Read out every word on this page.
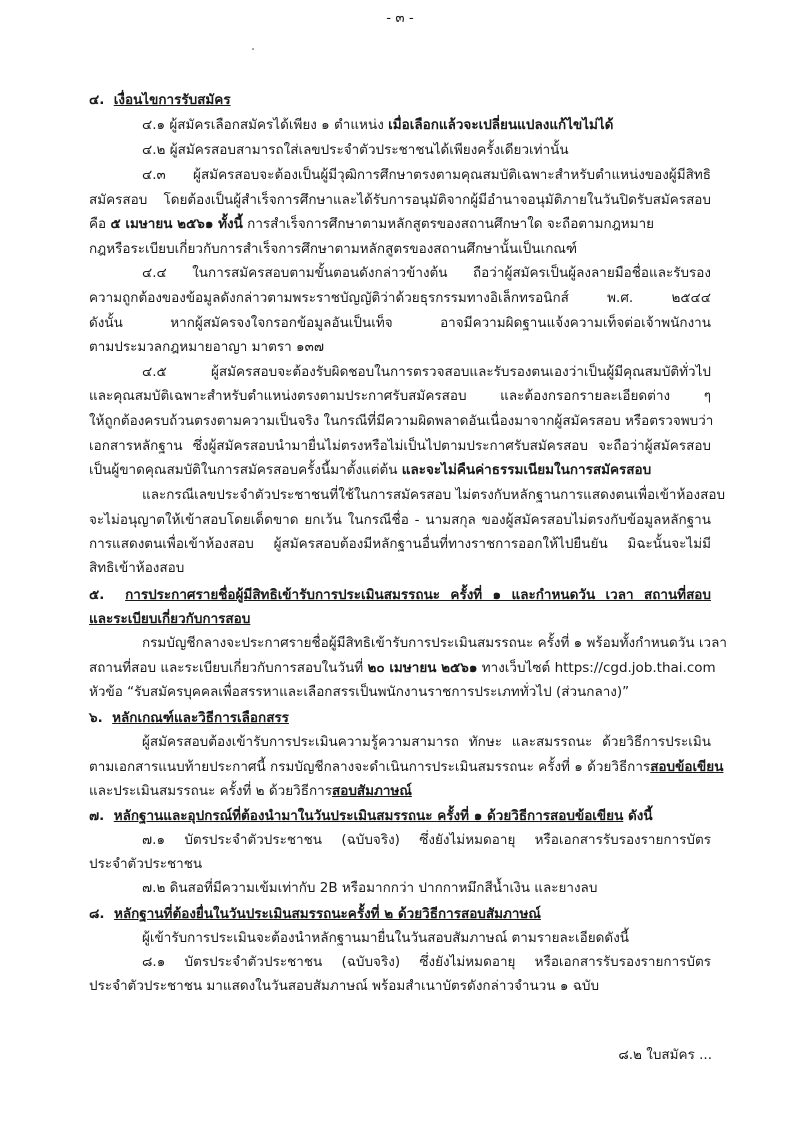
- ๓ -
๔. เงื่อนไขการรับสมัคร
๔.๑ ผู้สมัครเลือกสมัครได้เพียง ๑ ตำแหน่ง เมื่อเลือกแล้วจะเปลี่ยนแปลงแก้ไขไม่ได้
๔.๒ ผู้สมัครสอบสามารถใส่เลขประจำตัวประชาชนได้เพียงครั้งเดียวเท่านั้น
๔.๓ ผู้สมัครสอบจะต้องเป็นผู้มีวุฒิการศึกษาตรงตามคุณสมบัติเฉพาะสำหรับตำแหน่งของผู้มีสิทธิ
สมัครสอบ โดยต้องเป็นผู้สำเร็จการศึกษาและได้รับการอนุมัติจากผู้มีอำนาจอนุมัติภายในวันปิดรับสมัครสอบ
คือ ๕ เมษายน ๒๕๖๑ ทั้งนี้ การสำเร็จการศึกษาตามหลักสูตรของสถานศึกษาใด จะถือตามกฎหมาย
กฎหรือระเบียบเกี่ยวกับการสำเร็จการศึกษาตามหลักสูตรของสถานศึกษานั้นเป็นเกณฑ์
๔.๔ ในการสมัครสอบตามขั้นตอนดังกล่าวข้างต้น ถือว่าผู้สมัครเป็นผู้ลงลายมือชื่อและรับรอง
ความถูกต้องของข้อมูลดังกล่าวตามพระราชบัญญัติว่าด้วยธุรกรรมทางอิเล็กทรอนิกส์ พ.ศ. ๒๕๔๔
ดังนั้น หากผู้สมัครจงใจกรอกข้อมูลอันเป็นเท็จ อาจมีความผิดฐานแจ้งความเท็จต่อเจ้าพนักงาน
ตามประมวลกฎหมายอาญา มาตรา ๑๓๗
๔.๕ ผู้สมัครสอบจะต้องรับผิดชอบในการตรวจสอบและรับรองตนเองว่าเป็นผู้มีคุณสมบัติทั่วไป
และคุณสมบัติเฉพาะสำหรับตำแหน่งตรงตามประกาศรับสมัครสอบ และต้องกรอกรายละเอียดต่าง ๆ
ให้ถูกต้องครบถ้วนตรงตามความเป็นจริง ในกรณีที่มีความผิดพลาดอันเนื่องมาจากผู้สมัครสอบ หรือตรวจพบว่า
เอกสารหลักฐาน ซึ่งผู้สมัครสอบนำมายื่นไม่ตรงหรือไม่เป็นไปตามประกาศรับสมัครสอบ จะถือว่าผู้สมัครสอบ
เป็นผู้ขาดคุณสมบัติในการสมัครสอบครั้งนี้มาตั้งแต่ต้น และจะไม่คืนค่าธรรมเนียมในการสมัครสอบ
และกรณีเลขประจำตัวประชาชนที่ใช้ในการสมัครสอบ ไม่ตรงกับหลักฐานการแสดงตนเพื่อเข้าห้องสอบ
จะไม่อนุญาตให้เข้าสอบโดยเด็ดขาด ยกเว้น ในกรณีชื่อ - นามสกุล ของผู้สมัครสอบไม่ตรงกับข้อมูลหลักฐาน
การแสดงตนเพื่อเข้าห้องสอบ ผู้สมัครสอบต้องมีหลักฐานอื่นที่ทางราชการออกให้ไปยืนยัน มิฉะนั้นจะไม่มี
สิทธิเข้าห้องสอบ
๕. การประกาศรายชื่อผู้มีสิทธิเข้ารับการประเมินสมรรถนะ ครั้งที่ ๑ และกำหนดวัน เวลา สถานที่สอบ
และระเบียบเกี่ยวกับการสอบ
กรมบัญชีกลางจะประกาศรายชื่อผู้มีสิทธิเข้ารับการประเมินสมรรถนะ ครั้งที่ ๑ พร้อมทั้งกำหนดวัน เวลา
สถานที่สอบ และระเบียบเกี่ยวกับการสอบในวันที่ ๒๐ เมษายน ๒๕๖๑ ทางเว็บไซต์ https://cgd.job.thai.com
หัวข้อ “รับสมัครบุคคลเพื่อสรรหาและเลือกสรรเป็นพนักงานราชการประเภททั่วไป (ส่วนกลาง)”
๖. หลักเกณฑ์และวิธีการเลือกสรร
ผู้สมัครสอบต้องเข้ารับการประเมินความรู้ความสามารถ ทักษะ และสมรรถนะ ด้วยวิธีการประเมิน
ตามเอกสารแนบท้ายประกาศนี้ กรมบัญชีกลางจะดำเนินการประเมินสมรรถนะ ครั้งที่ ๑ ด้วยวิธีการสอบข้อเขียน
และประเมินสมรรถนะ ครั้งที่ ๒ ด้วยวิธีการสอบสัมภาษณ์
๗. หลักฐานและอุปกรณ์ที่ต้องนำมาในวันประเมินสมรรถนะ ครั้งที่ ๑ ด้วยวิธีการสอบข้อเขียน ดังนี้
๗.๑ บัตรประจำตัวประชาชน (ฉบับจริง) ซึ่งยังไม่หมดอายุ หรือเอกสารรับรองรายการบัตร
ประจำตัวประชาชน
๗.๒ ดินสอที่มีความเข้มเท่ากับ 2B หรือมากกว่า ปากกาหมึกสีน้ำเงิน และยางลบ
๘. หลักฐานที่ต้องยื่นในวันประเมินสมรรถนะครั้งที่ ๒ ด้วยวิธีการสอบสัมภาษณ์
ผู้เข้ารับการประเมินจะต้องนำหลักฐานมายื่นในวันสอบสัมภาษณ์ ตามรายละเอียดดังนี้
๘.๑ บัตรประจำตัวประชาชน (ฉบับจริง) ซึ่งยังไม่หมดอายุ หรือเอกสารรับรองรายการบัตร
ประจำตัวประชาชน มาแสดงในวันสอบสัมภาษณ์ พร้อมสำเนาบัตรดังกล่าวจำนวน ๑ ฉบับ
๘.๒ ใบสมัคร ...
